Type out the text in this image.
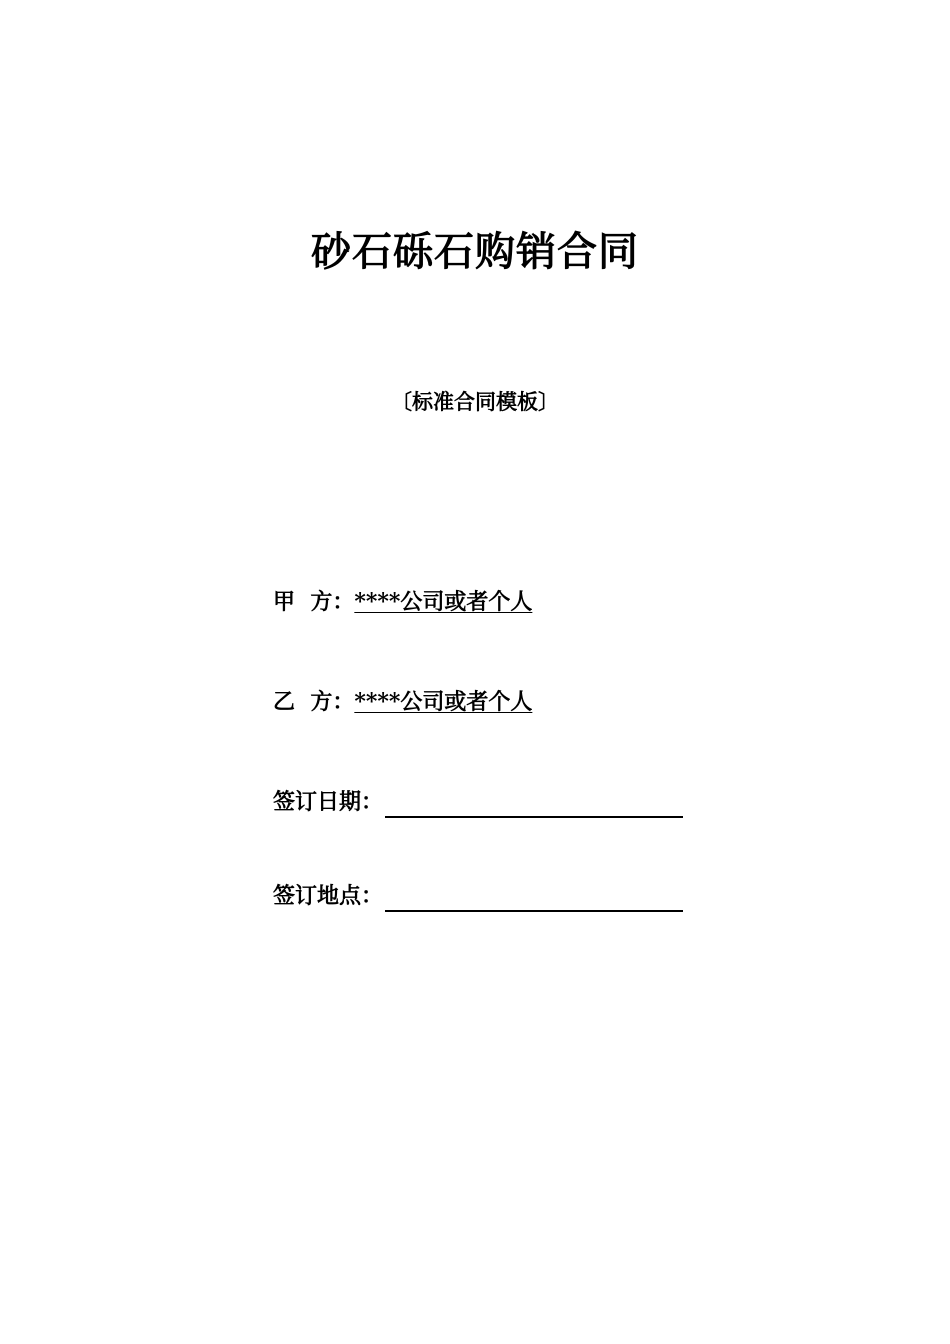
砂石砾石购销合同
〔标准合同模板〕
甲  方：****公司或者个人
乙  方：****公司或者个人
签订日期：
签订地点：
